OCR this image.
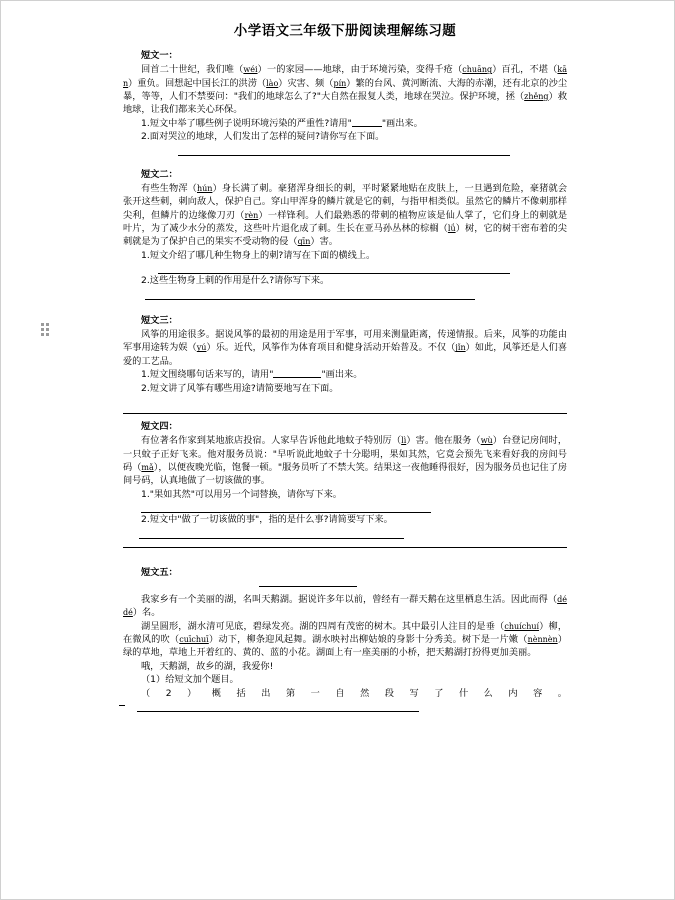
小学语文三年级下册阅读理解练习题
短文一：

回首二十世纪，我们唯（wéi）一的家园——地球，由于环境污染，变得千疮（chuāng）百孔，不堪（kān）重负。回想起中国长江的洪涝（lào）灾害、频（pín）繁的台风、黄河断流、大海的赤潮，还有北京的沙尘暴，等等，人们不禁要问："我们的地球怎么了?"大自然在报复人类，地球在哭泣。保护环境，拯（zhěng）救地球，让我们都来关心环保。

1.短文中举了哪些例子说明环境污染的严重性?请用"	"画出来。

2.面对哭泣的地球，人们发出了怎样的疑问?请你写在下面。

短文二：

有些生物浑（hún）身长满了刺。豪猪浑身细长的刺，平时紧紧地贴在皮肤上，一旦遇到危险，豪猪就会张开这些刺，刺向敌人，保护自己。穿山甲浑身的鳞片就是它的刺，与指甲相类似。虽然它的鳞片不像刺那样尖利，但鳞片的边缘像刀刃（rèn）一样锋利。人们最熟悉的带刺的植物应该是仙人掌了，它们身上的刺就是叶片，为了减少水分的蒸发，这些叶片退化成了刺。生长在亚马孙丛林的棕榈（lǘ）树，它的树干密布着的尖刺就是为了保护自己的果实不受动物的侵（qīn）害。

1.短文介绍了哪几种生物身上的刺?请写在下面的横线上。

2.这些生物身上刺的作用是什么?请你写下来。

短文三：

风筝的用途很多。据说风筝的最初的用途是用于军事，可用来测量距离，传递情报。后来，风筝的功能由军事用途转为娱（yú）乐。近代，风筝作为体育项目和健身活动开始普及。不仅（jǐn）如此，风筝还是人们喜爱的工艺品。

1.短文围绕哪句话来写的，请用"	"画出来。

2.短文讲了风筝有哪些用途?请简要地写在下面。

短文四：

有位著名作家到某地旅店投宿。人家早告诉他此地蚊子特别厉（lì）害。他在服务（wù）台登记房间时，一只蚊子正好飞来。他对服务员说："早听说此地蚊子十分聪明，果如其然，它竟会预先飞来看好我的房间号码（mǎ），以便夜晚光临，饱餐一顿。"服务员听了不禁大笑。结果这一夜他睡得很好，因为服务员也记住了房间号码，认真地做了一切该做的事。

1."果如其然"可以用另一个词替换，请你写下来。

2.短文中"做了一切该做的事"，指的是什么事?请简要写下来。

短文五：

我家乡有一个美丽的湖，名叫天鹅湖。据说许多年以前，曾经有一群天鹅在这里栖息生活。因此而得（dédé）名。

湖呈圆形，湖水清可见底，碧绿发亮。湖的四周有茂密的树木。其中最引人注目的是垂（chuíchuí）柳，在微风的吹（cuīchuī）动下，柳条迎风起舞。湖水映衬出柳姑娘的身影十分秀美。树下是一片嫩（nènnèn）绿的草地，草地上开着红的、黄的、蓝的小花。湖面上有一座美丽的小桥，把天鹅湖打扮得更加美丽。

哦，天鹅湖，故乡的湖，我爱你!

（1）给短文加个题目。

（2）概括出第一自然段写了什么内容。
